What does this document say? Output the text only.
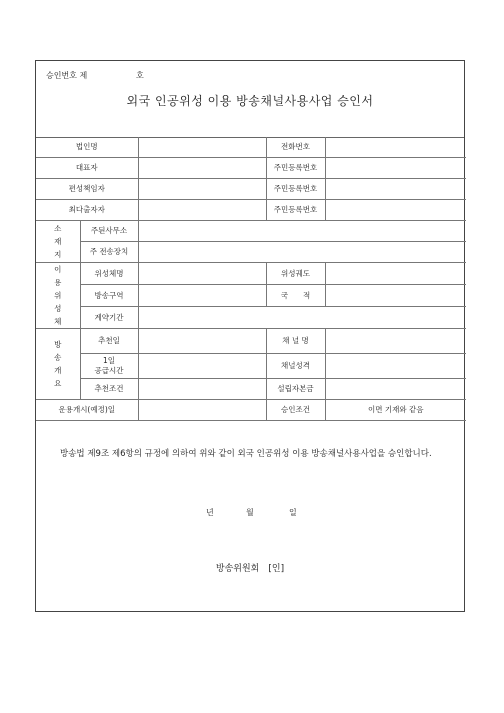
승인번호 제	호
외국 인공위성 이용 방송채널사용사업 승인서
법인명			전화번호	
대표자			주민등록번호	
편성책임자			주민등록번호	
최다출자자			주민등록번호	

소
재
지	주된사무소			
	주 전송장치			

이
용
위
성
체	위성체명		위성궤도	
	방송구역		국　　적	
	계약기간			

방
송
개
요	추천일		채 널 명	

	1일
공급시간		채널성격	
	추천조건		설립자본금	
운용개시(예정)일			승인조건	이면 기재와 같음
방송법 제9조 제6항의 규정에 의하여 위와 같이 외국 인공위성 이용 방송채널사용사업을 승인합니다.
년	월	일
방송위원회　[인]
